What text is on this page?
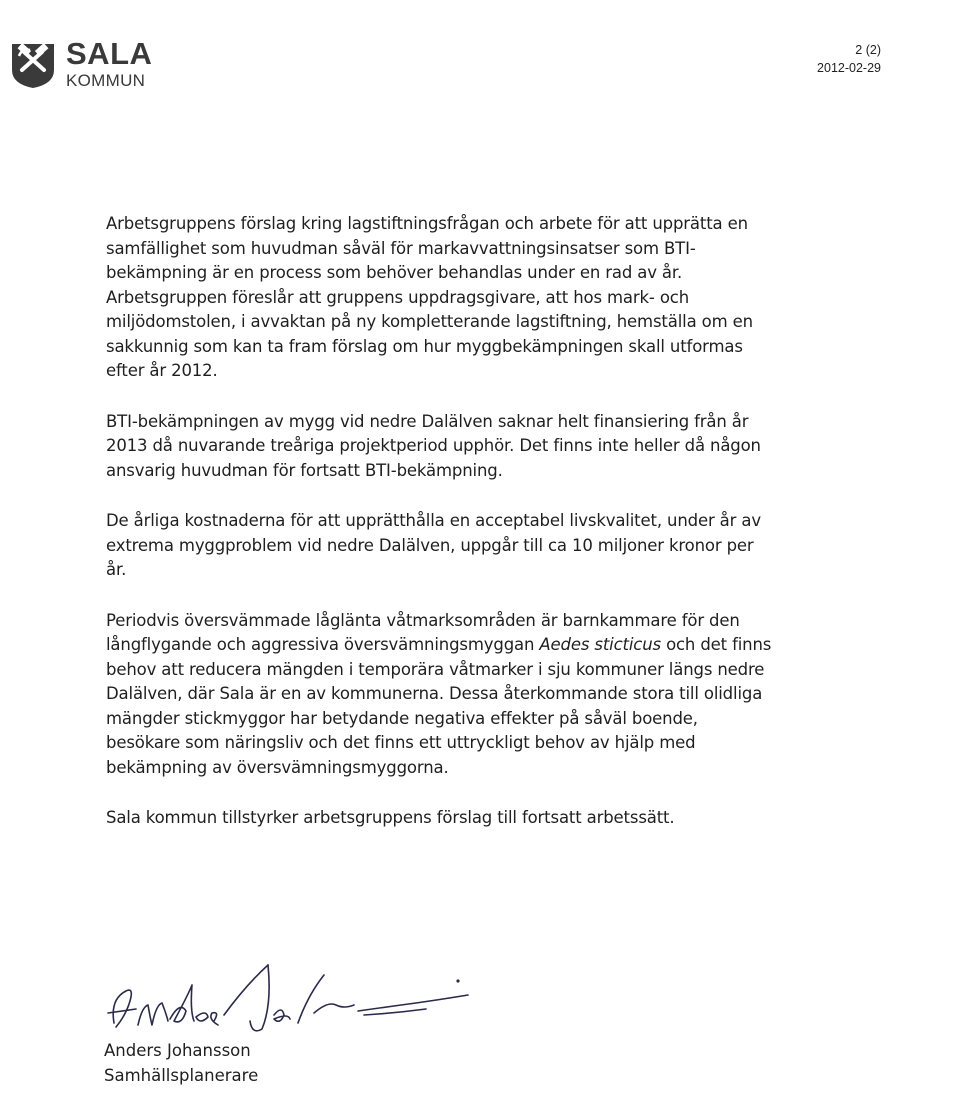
SALA
KOMMUN
2 (2)
2012-02-29

Arbetsgruppens förslag kring lagstiftningsfrågan och arbete för att upprätta en
samfällighet som huvudman såväl för markavvattningsinsatser som BTI-
bekämpning är en process som behöver behandlas under en rad av år.
Arbetsgruppen föreslår att gruppens uppdragsgivare, att hos mark- och
miljödomstolen, i avvaktan på ny kompletterande lagstiftning, hemställa om en
sakkunnig som kan ta fram förslag om hur myggbekämpningen skall utformas
efter år 2012.

BTI-bekämpningen av mygg vid nedre Dalälven saknar helt finansiering från år
2013 då nuvarande treåriga projektperiod upphör. Det finns inte heller då någon
ansvarig huvudman för fortsatt BTI-bekämpning.

De årliga kostnaderna för att upprätthålla en acceptabel livskvalitet, under år av
extrema myggproblem vid nedre Dalälven, uppgår till ca 10 miljoner kronor per
år.

Periodvis översvämmade låglänta våtmarksområden är barnkammare för den
långflygande och aggressiva översvämningsmyggan Aedes sticticus och det finns
behov att reducera mängden i temporära våtmarker i sju kommuner längs nedre
Dalälven, där Sala är en av kommunerna. Dessa återkommande stora till olidliga
mängder stickmyggor har betydande negativa effekter på såväl boende,
besökare som näringsliv och det finns ett uttryckligt behov av hjälp med
bekämpning av översvämningsmyggorna.

Sala kommun tillstyrker arbetsgruppens förslag till fortsatt arbetssätt.

Anders Johansson
Samhällsplanerare
